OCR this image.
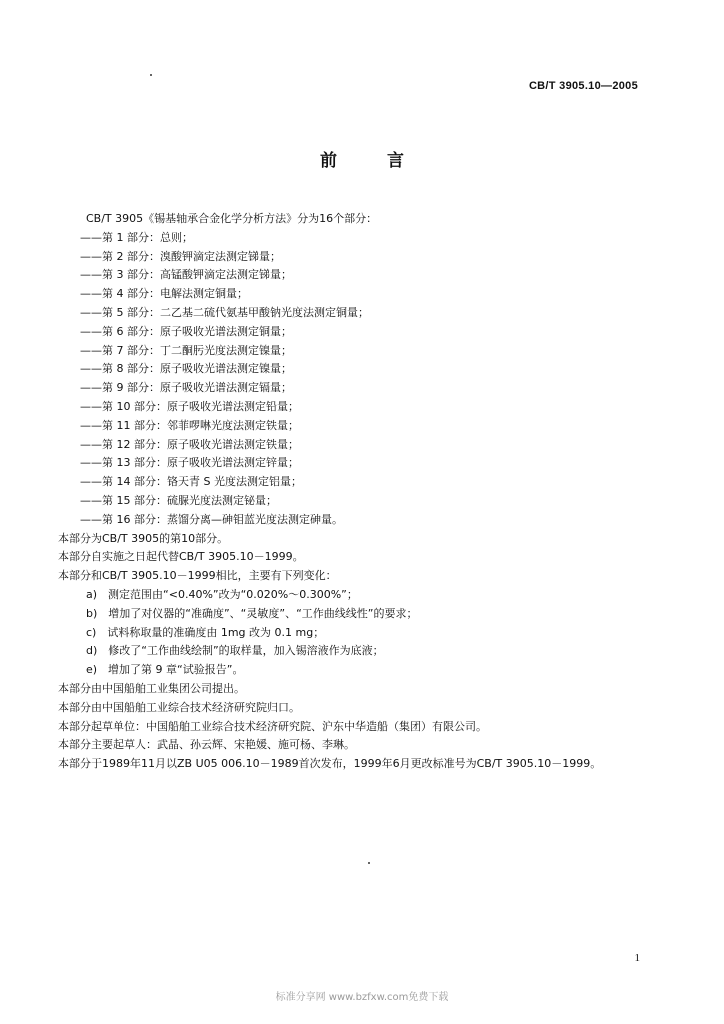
CB/T 3905.10—2005
前 言
CB/T 3905《锡基轴承合金化学分析方法》分为16个部分：
——第 1 部分：总则；
——第 2 部分：溴酸钾滴定法测定锑量；
——第 3 部分：高锰酸钾滴定法测定锑量；
——第 4 部分：电解法测定铜量；
——第 5 部分：二乙基二硫代氨基甲酸钠光度法测定铜量；
——第 6 部分：原子吸收光谱法测定铜量；
——第 7 部分：丁二酮肟光度法测定镍量；
——第 8 部分：原子吸收光谱法测定镍量；
——第 9 部分：原子吸收光谱法测定镉量；
——第 10 部分：原子吸收光谱法测定铅量；
——第 11 部分：邻菲啰啉光度法测定铁量；
——第 12 部分：原子吸收光谱法测定铁量；
——第 13 部分：原子吸收光谱法测定锌量；
——第 14 部分：铬天青 S 光度法测定铝量；
——第 15 部分：硫脲光度法测定铋量；
——第 16 部分：蒸馏分离—砷钼蓝光度法测定砷量。
本部分为CB/T 3905的第10部分。
本部分自实施之日起代替CB/T 3905.10－1999。
本部分和CB/T 3905.10－1999相比，主要有下列变化：
a)　测定范围由“<0.40%”改为“0.020%～0.300%”；
b)　增加了对仪器的“准确度”、“灵敏度”、“工作曲线线性”的要求；
c)　试料称取量的准确度由 1mg 改为 0.1 mg；
d)　修改了“工作曲线绘制”的取样量，加入锡溶液作为底液；
e)　增加了第 9 章“试验报告”。
本部分由中国船舶工业集团公司提出。
本部分由中国船舶工业综合技术经济研究院归口。
本部分起草单位：中国船舶工业综合技术经济研究院、沪东中华造船（集团）有限公司。
本部分主要起草人：武晶、孙云辉、宋艳媛、施可杨、李琳。
本部分于1989年11月以ZB U05 006.10－1989首次发布，1999年6月更改标准号为CB/T 3905.10－1999。
1
标准分享网 www.bzfxw.com免费下载
